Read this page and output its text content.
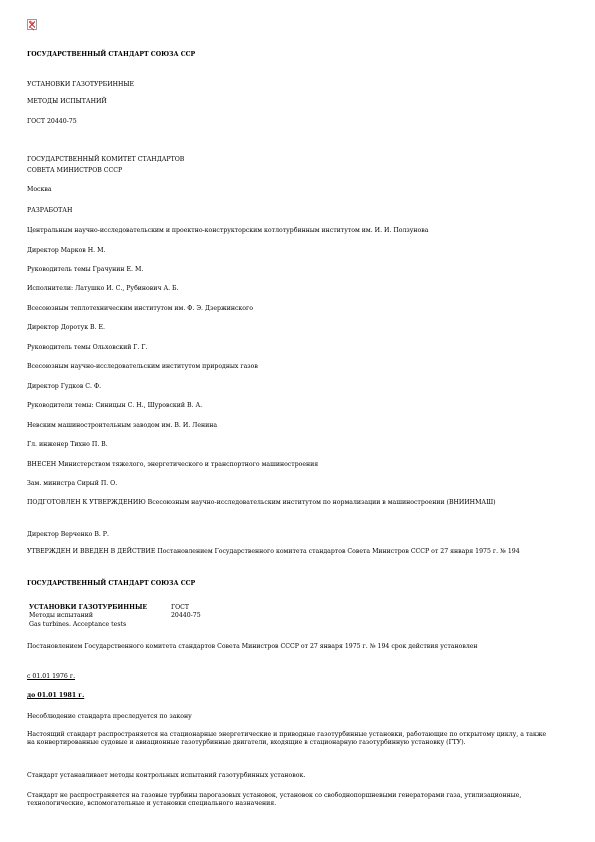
ГОСУДАРСТВЕННЫЙ СТАНДАРТ СОЮЗА ССР

УСТАНОВКИ ГАЗОТУРБИННЫЕ

МЕТОДЫ ИСПЫТАНИЙ

ГОСТ 20440-75

ГОСУДАРСТВЕННЫЙ КОМИТЕТ СТАНДАРТОВ

СОВЕТА МИНИСТРОВ СССР

Москва

РАЗРАБОТАН

Центральным научно-исследовательским и проектно-конструкторским котлотурбинным институтом им. И. И. Ползунова

Директор Марков Н. М.

Руководитель темы Грачунин Е. М.

Исполнители: Латушко И. С., Рубинович А. Б.

Всесоюзным теплотехническим институтом им. Ф. Э. Дзержинского

Директор Доротук В. Е.

Руководитель темы Ольховский Г. Г.

Всесоюзным научно-исследовательским институтом природных газов

Директор Гудков С. Ф.

Руководители темы: Синицын С. Н., Шуровский В. А.

Невским машиностроительным заводом им. В. И. Ленина

Гл. инженер Тихно П. В.

ВНЕСЕН Министерством тяжелого, энергетического и транспортного машиностроения

Зам. министра Сирый П. О.

ПОДГОТОВЛЕН К УТВЕРЖДЕНИЮ Всесоюзным научно-исследовательским институтом по нормализации в машиностроении (ВНИИНМАШ)

Директор Верченко В. Р.

УТВЕРЖДЕН И ВВЕДЕН В ДЕЙСТВИЕ Постановлением Государственного комитета стандартов Совета Министров СССР от 27 января 1975 г. № 194

ГОСУДАРСТВЕННЫЙ СТАНДАРТ СОЮЗА ССР

УСТАНОВКИ ГАЗОТУРБИННЫЕ
Методы испытаний
Gas turbines. Acceptance tests

ГОСТ
20440-75

Постановлением Государственного комитета стандартов Совета Министров СССР от 27 января 1975 г. № 194 срок действия установлен

с 01.01 1976 г.

до 01.01 1981 г.

Несоблюдение стандарта преследуется по закону

Настоящий стандарт распространяется на стационарные энергетические и приводные газотурбинные установки, работающие по открытому циклу, а также на конвертированные судовые и авиационные газотурбинные двигатели, входящие в стационарную газотурбинную установку (ГТУ).

Стандарт устанавливает методы контрольных испытаний газотурбинных установок.

Стандарт не распространяется на газовые турбины парогазовых установок, установок со свободнопоршневыми генераторами газа, утилизационные, технологические, вспомогательные и установки специального назначения.
